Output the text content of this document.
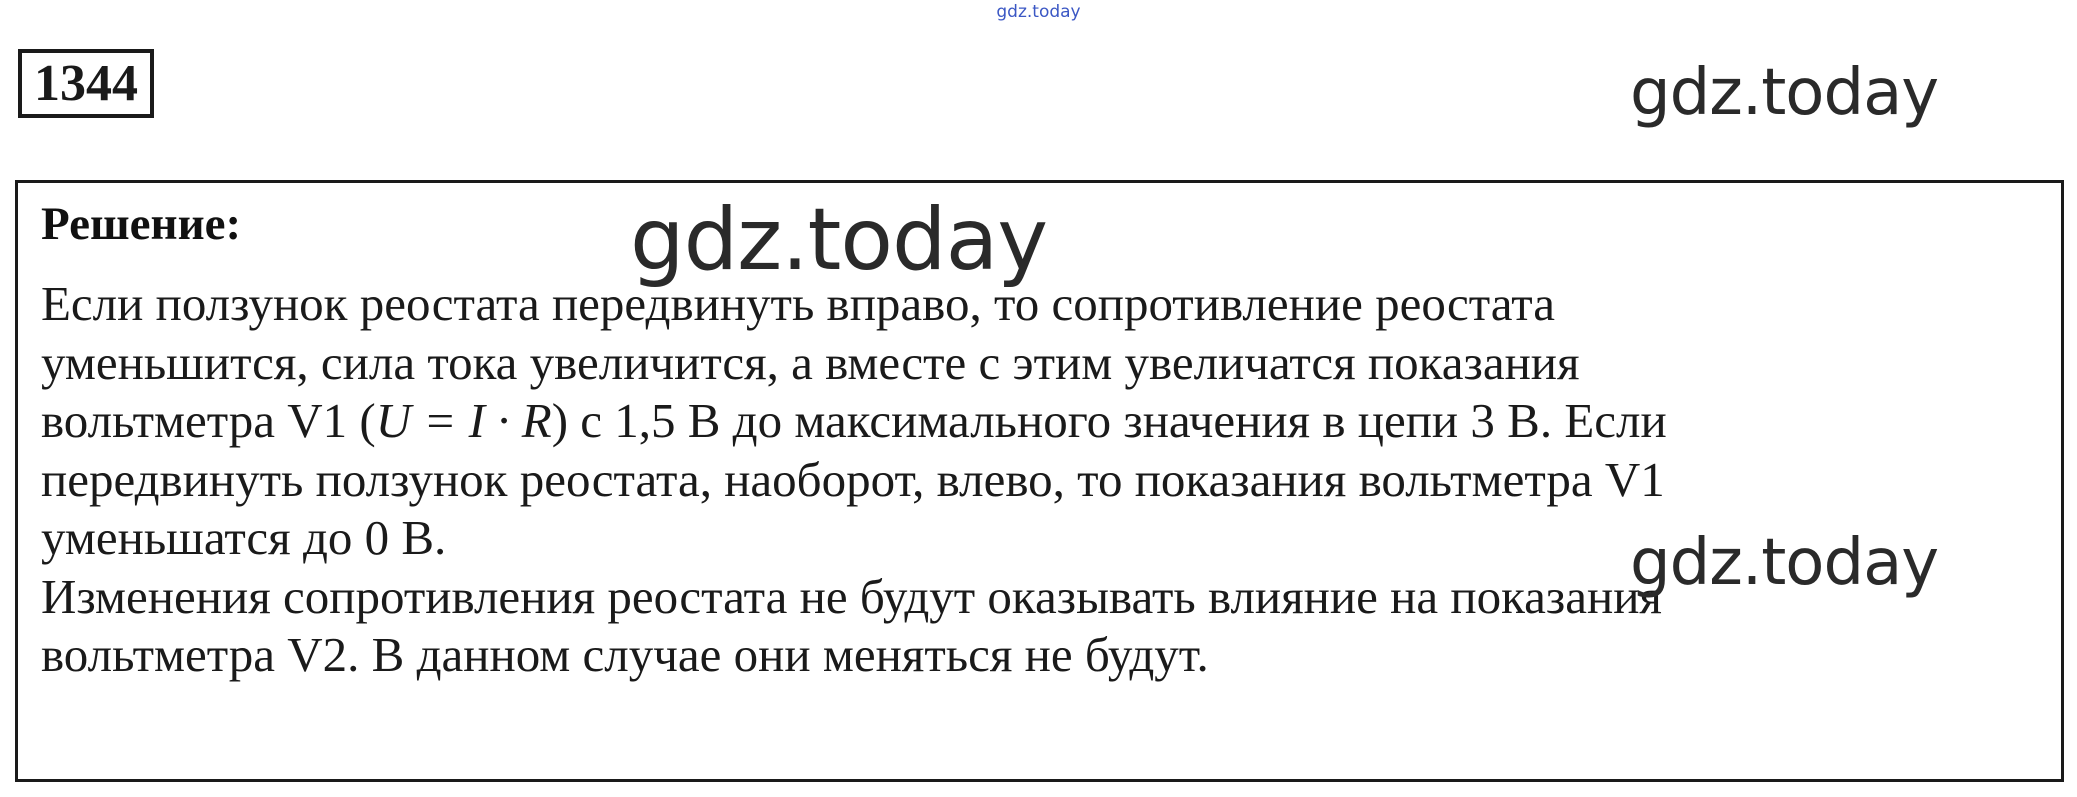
gdz.today
1344
Решение:
Если ползунок реостата передвинуть вправо, то сопротивление реостата
уменьшится, сила тока увеличится, а вместе с этим увеличатся показания
вольтметра V1 (U = I · R) с 1,5 В до максимального значения в цепи 3 В. Если
передвинуть ползунок реостата, наоборот, влево, то показания вольтметра V1
уменьшатся до 0 В.
Изменения сопротивления реостата не будут оказывать влияние на показания
вольтметра V2. В данном случае они меняться не будут.
gdz.today
gdz.today
gdz.today
